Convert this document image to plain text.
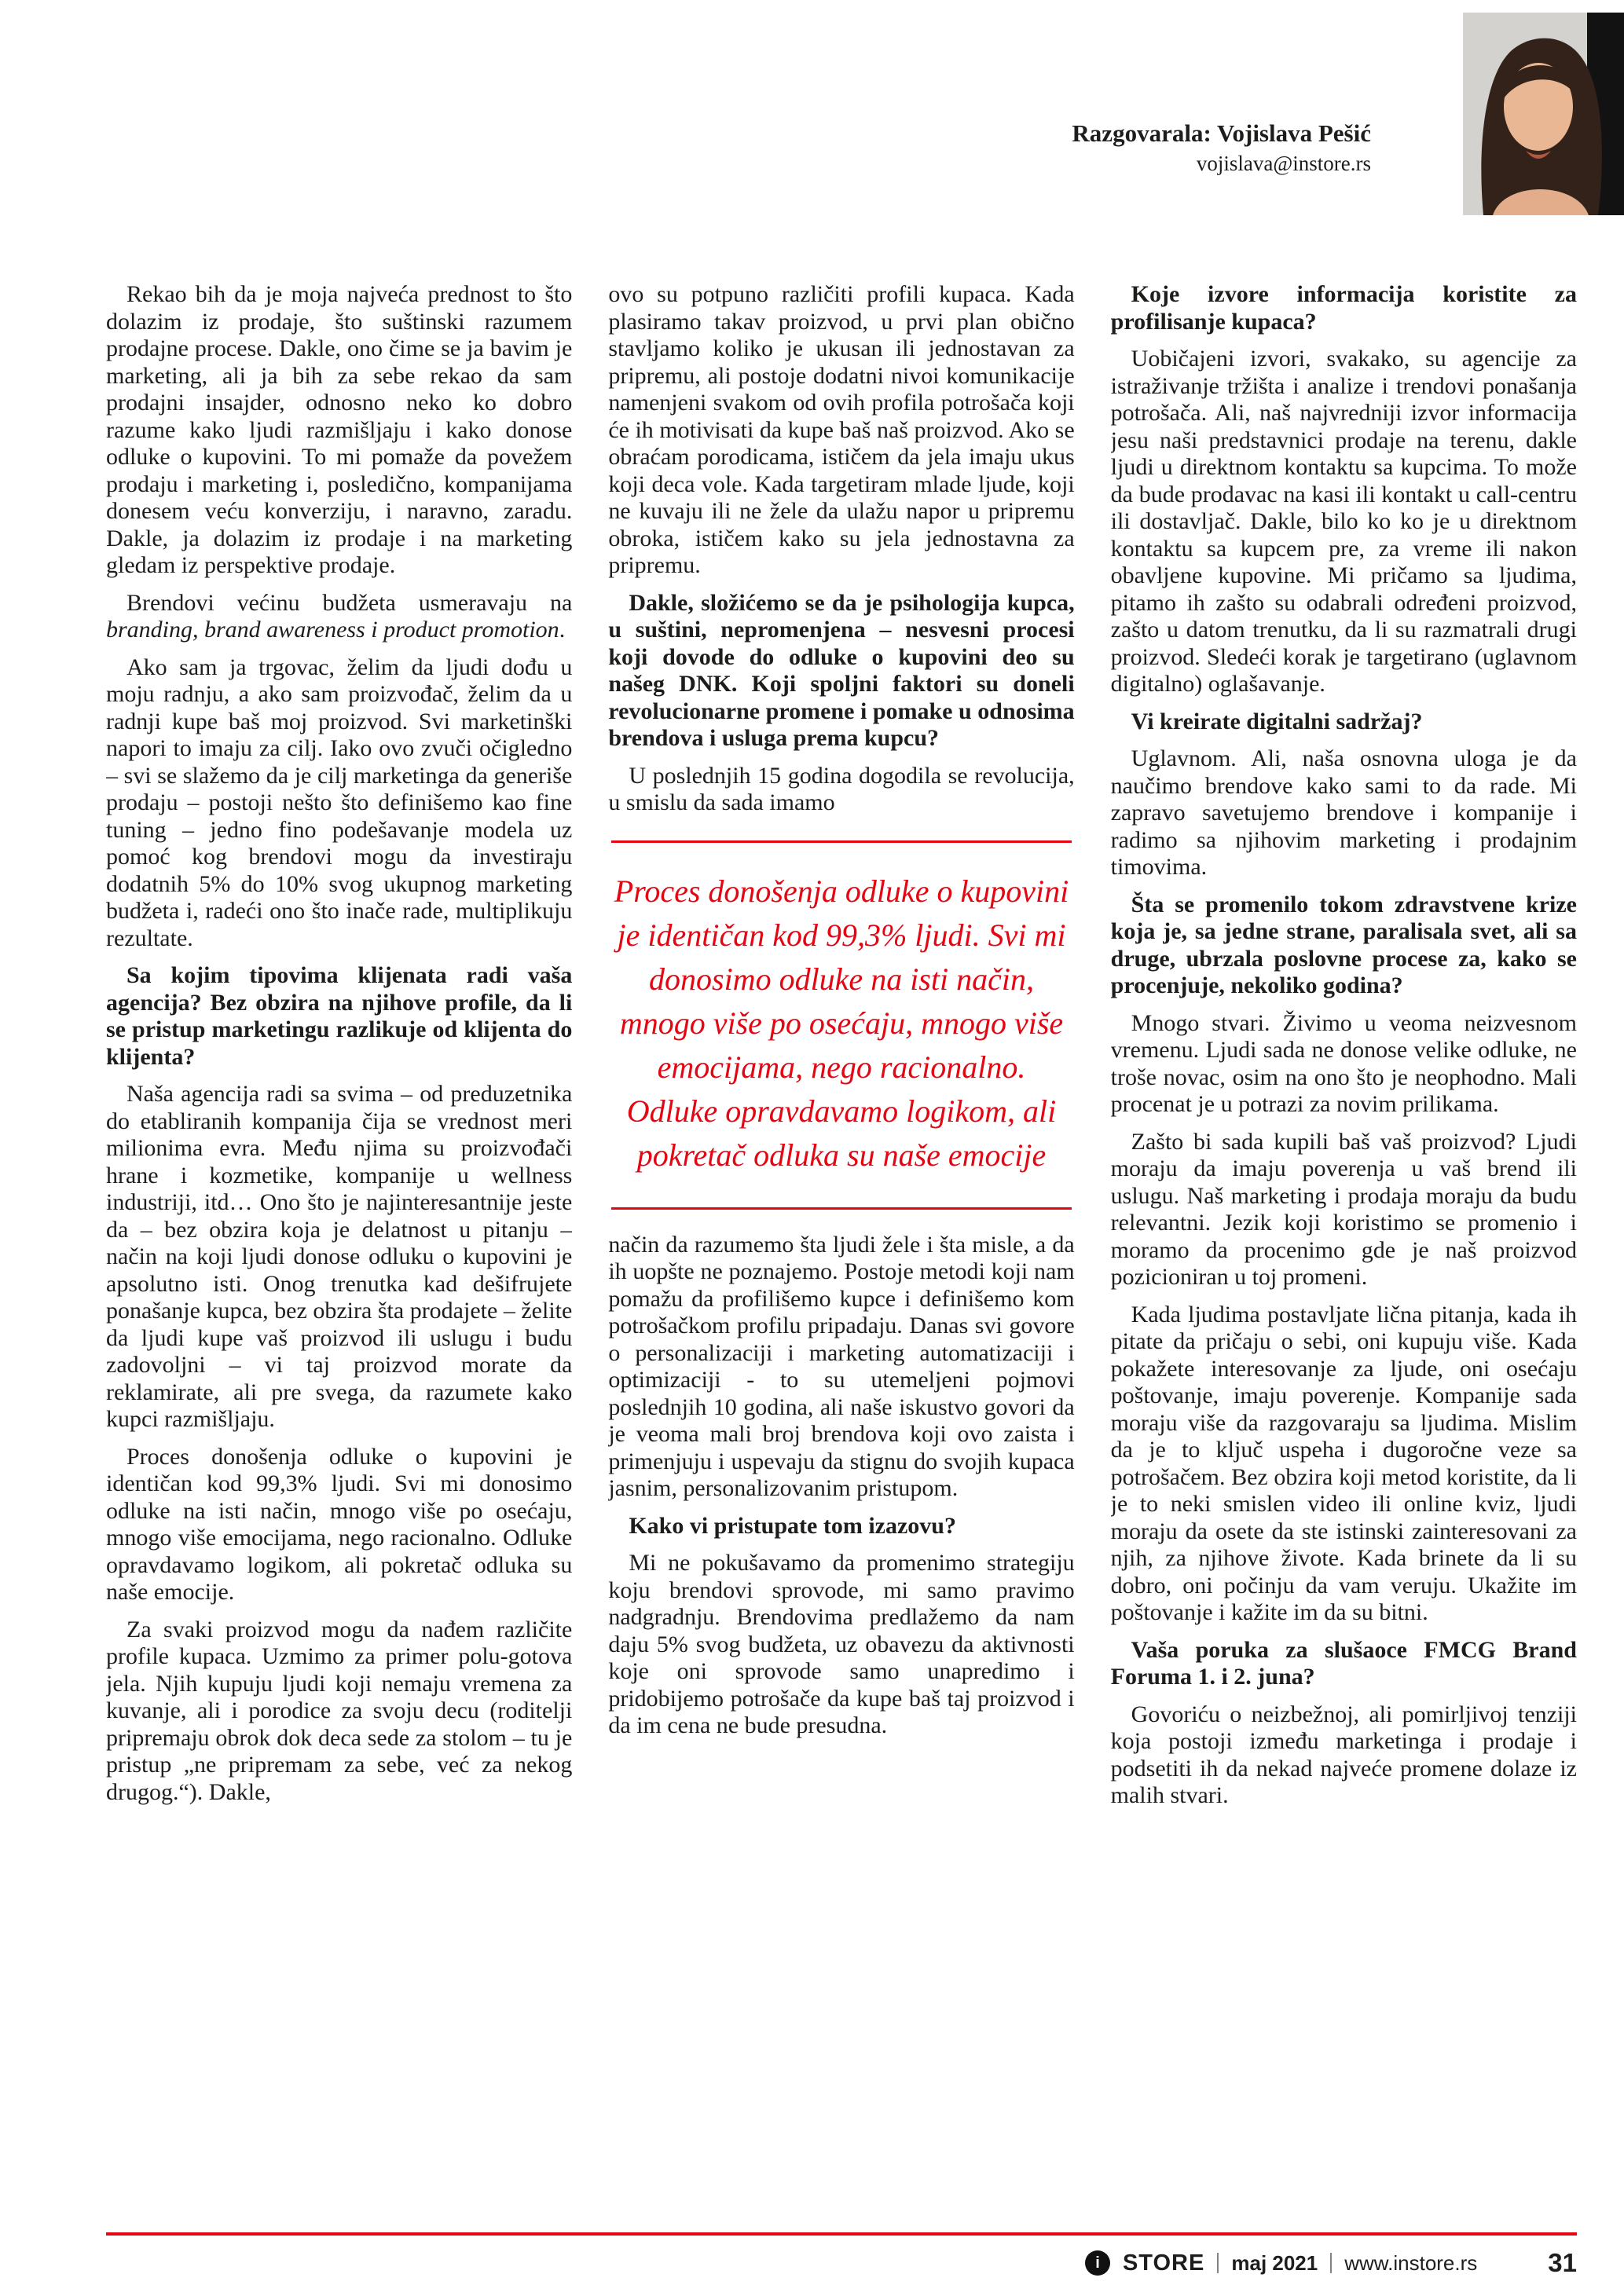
Razgovarala: Vojislava Pešić
vojislava@instore.rs

Rekao bih da je moja najveća prednost to što dolazim iz prodaje, što suštinski razumem prodajne procese. Dakle, ono čime se ja bavim je marketing, ali ja bih za sebe rekao da sam prodajni insajder, odnosno neko ko dobro razume kako ljudi razmišljaju i kako donose odluke o kupovini. To mi pomaže da povežem prodaju i marketing i, posledično, kompanijama donesem veću konverziju, i naravno, zaradu. Dakle, ja dolazim iz prodaje i na marketing gledam iz perspektive prodaje.

Brendovi većinu budžeta usmeravaju na branding, brand awareness i product promotion.

Ako sam ja trgovac, želim da ljudi dođu u moju radnju, a ako sam proizvođač, želim da u radnji kupe baš moj proizvod. Svi marketinški napori to imaju za cilj. Iako ovo zvuči očigledno – svi se slažemo da je cilj marketinga da generiše prodaju – postoji nešto što definišemo kao fine tuning – jedno fino podešavanje modela uz pomoć kog brendovi mogu da investiraju dodatnih 5% do 10% svog ukupnog marketing budžeta i, radeći ono što inače rade, multiplikuju rezultate.

Sa kojim tipovima klijenata radi vaša agencija? Bez obzira na njihove profile, da li se pristup marketingu razlikuje od klijenta do klijenta?

Naša agencija radi sa svima – od preduzetnika do etabliranih kompanija čija se vrednost meri milionima evra. Među njima su proizvođači hrane i kozmetike, kompanije u wellness industriji, itd… Ono što je najinteresantnije jeste da – bez obzira koja je delatnost u pitanju – način na koji ljudi donose odluku o kupovini je apsolutno isti. Onog trenutka kad dešifrujete ponašanje kupca, bez obzira šta prodajete – želite da ljudi kupe vaš proizvod ili uslugu i budu zadovoljni – vi taj proizvod morate da reklamirate, ali pre svega, da razumete kako kupci razmišljaju.

Proces donošenja odluke o kupovini je identičan kod 99,3% ljudi. Svi mi donosimo odluke na isti način, mnogo više po osećaju, mnogo više emocijama, nego racionalno. Odluke opravdavamo logikom, ali pokretač odluka su naše emocije.

Za svaki proizvod mogu da nađem različite profile kupaca. Uzmimo za primer polu-gotova jela. Njih kupuju ljudi koji nemaju vremena za kuvanje, ali i porodice za svoju decu (roditelji pripremaju obrok dok deca sede za stolom – tu je pristup „ne pripremam za sebe, već za nekog drugog.“). Dakle,

ovo su potpuno različiti profili kupaca. Kada plasiramo takav proizvod, u prvi plan obično stavljamo koliko je ukusan ili jednostavan za pripremu, ali postoje dodatni nivoi komunikacije namenjeni svakom od ovih profila potrošača koji će ih motivisati da kupe baš naš proizvod. Ako se obraćam porodicama, ističem da jela imaju ukus koji deca vole. Kada targetiram mlade ljude, koji ne kuvaju ili ne žele da ulažu napor u pripremu obroka, ističem kako su jela jednostavna za pripremu.

Dakle, složićemo se da je psihologija kupca, u suštini, nepromenjena – nesvesni procesi koji dovode do odluke o kupovini deo su našeg DNK. Koji spoljni faktori su doneli revolucionarne promene i pomake u odnosima brendova i usluga prema kupcu?

U poslednjih 15 godina dogodila se revolucija, u smislu da sada imamo

Proces donošenja odluke o kupovini je identičan kod 99,3% ljudi. Svi mi donosimo odluke na isti način, mnogo više po osećaju, mnogo više emocijama, nego racionalno. Odluke opravdavamo logikom, ali pokretač odluka su naše emocije

način da razumemo šta ljudi žele i šta misle, a da ih uopšte ne poznajemo. Postoje metodi koji nam pomažu da profilišemo kupce i definišemo kom potrošačkom profilu pripadaju. Danas svi govore o personalizaciji i marketing automatizaciji i optimizaciji - to su utemeljeni pojmovi poslednjih 10 godina, ali naše iskustvo govori da je veoma mali broj brendova koji ovo zaista i primenjuju i uspevaju da stignu do svojih kupaca jasnim, personalizovanim pristupom.

Kako vi pristupate tom izazovu?

Mi ne pokušavamo da promenimo strategiju koju brendovi sprovode, mi samo pravimo nadgradnju. Brendovima predlažemo da nam daju 5% svog budžeta, uz obavezu da aktivnosti koje oni sprovode samo unapredimo i pridobijemo potrošače da kupe baš taj proizvod i da im cena ne bude presudna.

Koje izvore informacija koristite za profilisanje kupaca?

Uobičajeni izvori, svakako, su agencije za istraživanje tržišta i analize i trendovi ponašanja potrošača. Ali, naš najvredniji izvor informacija jesu naši predstavnici prodaje na terenu, dakle ljudi u direktnom kontaktu sa kupcima. To može da bude prodavac na kasi ili kontakt u call-centru ili dostavljač. Dakle, bilo ko ko je u direktnom kontaktu sa kupcem pre, za vreme ili nakon obavljene kupovine. Mi pričamo sa ljudima, pitamo ih zašto su odabrali određeni proizvod, zašto u datom trenutku, da li su razmatrali drugi proizvod. Sledeći korak je targetirano (uglavnom digitalno) oglašavanje.

Vi kreirate digitalni sadržaj?

Uglavnom. Ali, naša osnovna uloga je da naučimo brendove kako sami to da rade. Mi zapravo savetujemo brendove i kompanije i radimo sa njihovim marketing i prodajnim timovima.

Šta se promenilo tokom zdravstvene krize koja je, sa jedne strane, paralisala svet, ali sa druge, ubrzala poslovne procese za, kako se procenjuje, nekoliko godina?

Mnogo stvari. Živimo u veoma neizvesnom vremenu. Ljudi sada ne donose velike odluke, ne troše novac, osim na ono što je neophodno. Mali procenat je u potrazi za novim prilikama.

Zašto bi sada kupili baš vaš proizvod? Ljudi moraju da imaju poverenja u vaš brend ili uslugu. Naš marketing i prodaja moraju da budu relevantni. Jezik koji koristimo se promenio i moramo da procenimo gde je naš proizvod pozicioniran u toj promeni.

Kada ljudima postavljate lična pitanja, kada ih pitate da pričaju o sebi, oni kupuju više. Kada pokažete interesovanje za ljude, oni osećaju poštovanje, imaju poverenje. Kompanije sada moraju više da razgovaraju sa ljudima. Mislim da je to ključ uspeha i dugoročne veze sa potrošačem. Bez obzira koji metod koristite, da li je to neki smislen video ili online kviz, ljudi moraju da osete da ste istinski zainteresovani za njih, za njihove živote. Kada brinete da li su dobro, oni počinju da vam veruju. Ukažite im poštovanje i kažite im da su bitni.

Vaša poruka za slušaoce FMCG Brand Foruma 1. i 2. juna?

Govoriću o neizbežnoj, ali pomirljivoj tenziji koja postoji između marketinga i prodaje i podsetiti ih da nekad najveće promene dolaze iz malih stvari.

i STORE maj 2021 www.instore.rs	31
